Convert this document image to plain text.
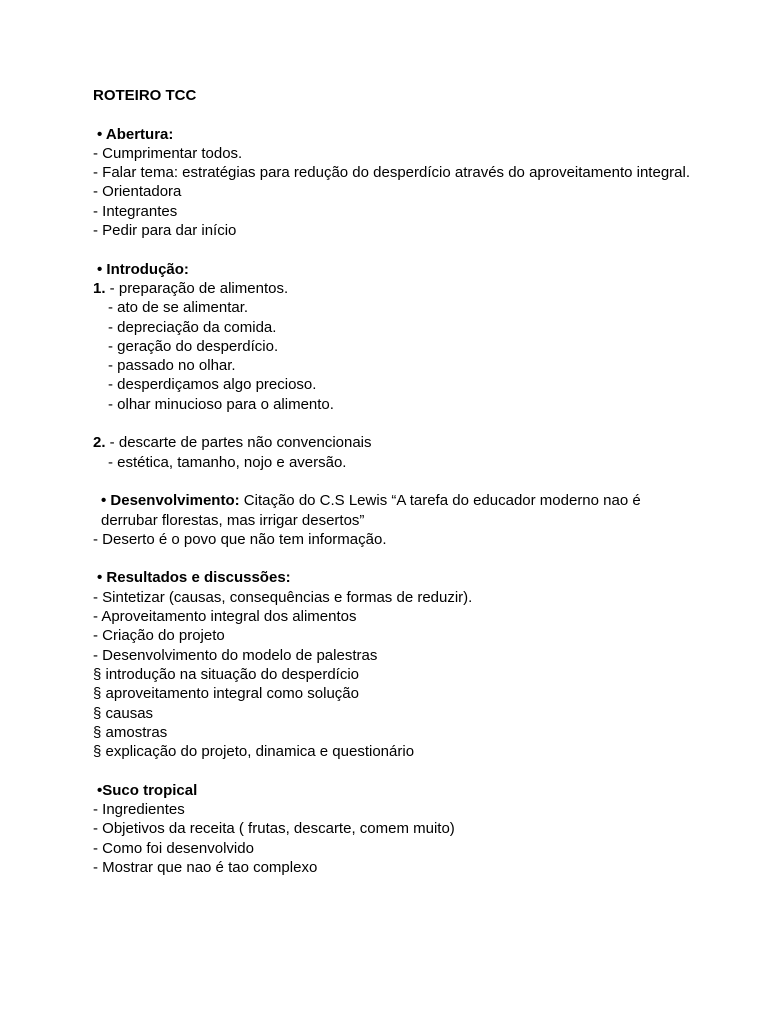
ROTEIRO TCC
• Abertura:
- Cumprimentar todos.
- Falar tema: estratégias para redução do desperdício através do aproveitamento integral.
- Orientadora
- Integrantes
- Pedir para dar início
• Introdução:
1. - preparação de alimentos.
- ato de se alimentar.
- depreciação da comida.
- geração do desperdício.
- passado no olhar.
- desperdiçamos algo precioso.
- olhar minucioso para o alimento.
2. - descarte de partes não convencionais
- estética, tamanho, nojo e aversão.
• Desenvolvimento: Citação do C.S Lewis “A tarefa do educador moderno nao é derrubar florestas, mas irrigar desertos”
- Deserto é o povo que não tem informação.
• Resultados e discussões:
- Sintetizar (causas, consequências e formas de reduzir).
- Aproveitamento integral dos alimentos
- Criação do projeto
- Desenvolvimento do modelo de palestras
§ introdução na situação do desperdício
§ aproveitamento integral como solução
§ causas
§ amostras
§ explicação do projeto, dinamica e questionário
•Suco tropical
- Ingredientes
- Objetivos da receita ( frutas, descarte, comem muito)
- Como foi desenvolvido
- Mostrar que nao é tao complexo
